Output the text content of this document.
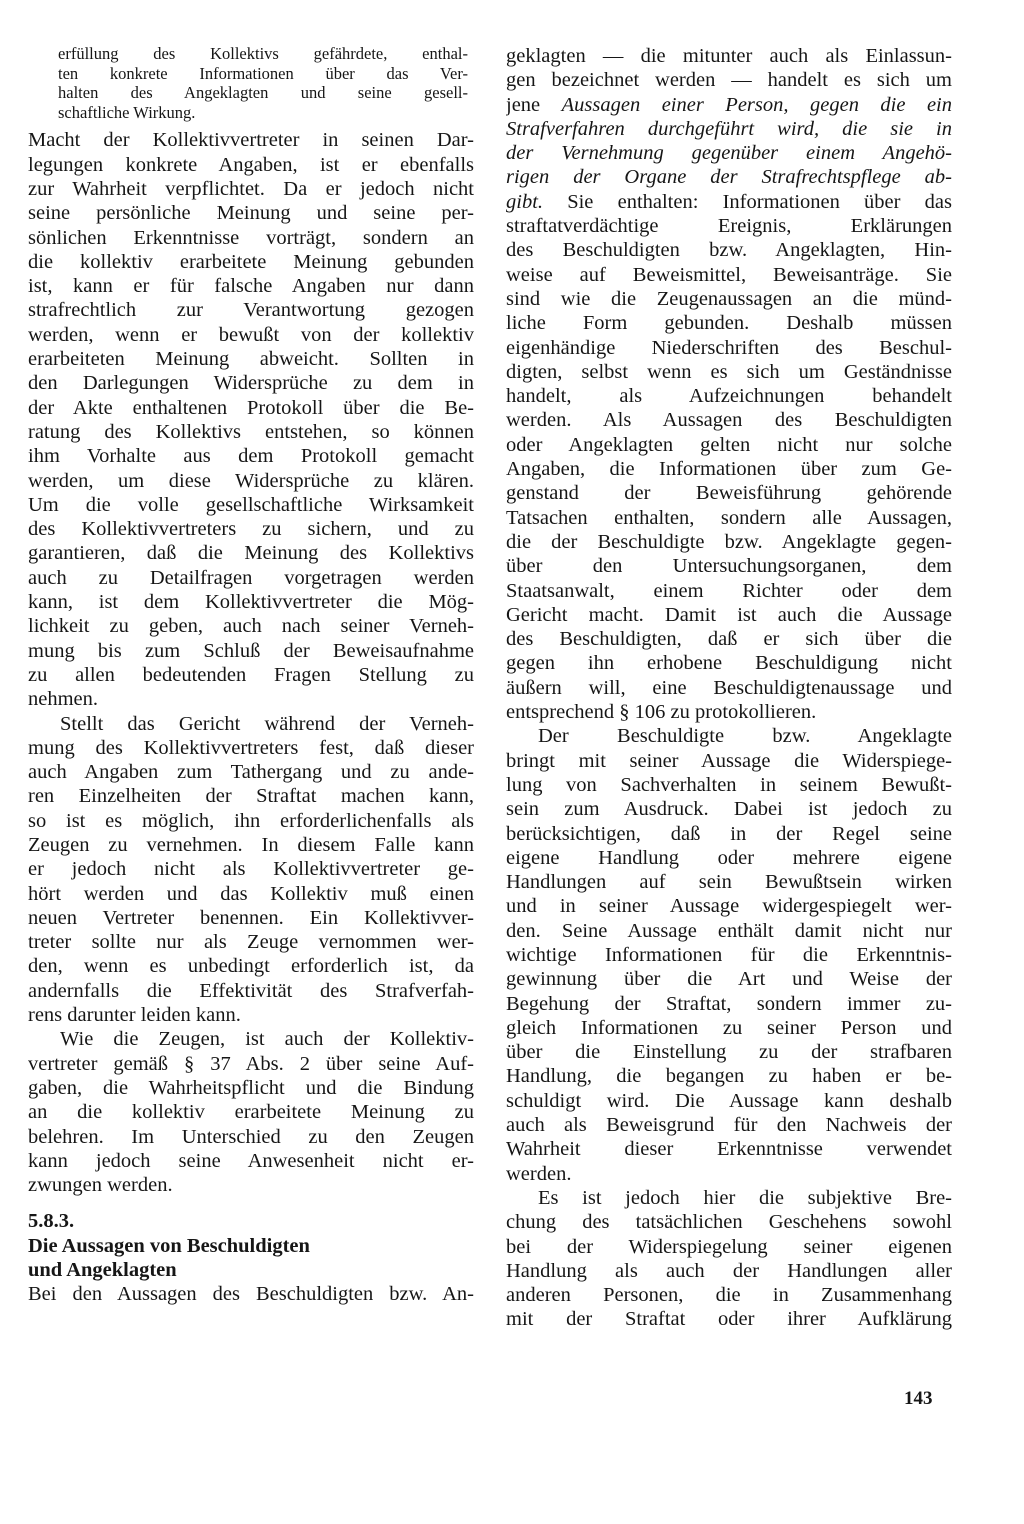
erfüllung des Kollektivs gefährdete, enthal-
ten konkrete Informationen über das Ver-
halten des Angeklagten und seine gesell-
schaftliche Wirkung.
Macht der Kollektivvertreter in seinen Dar-
legungen konkrete Angaben, ist er ebenfalls
zur Wahrheit verpflichtet. Da er jedoch nicht
seine persönliche Meinung und seine per-
sönlichen Erkenntnisse vorträgt, sondern an
die kollektiv erarbeitete Meinung gebunden
ist, kann er für falsche Angaben nur dann
strafrechtlich zur Verantwortung gezogen
werden, wenn er bewußt von der kollektiv
erarbeiteten Meinung abweicht. Sollten in
den Darlegungen Widersprüche zu dem in
der Akte enthaltenen Protokoll über die Be-
ratung des Kollektivs entstehen, so können
ihm Vorhalte aus dem Protokoll gemacht
werden, um diese Widersprüche zu klären.
Um die volle gesellschaftliche Wirksamkeit
des Kollektivvertreters zu sichern, und zu
garantieren, daß die Meinung des Kollektivs
auch zu Detailfragen vorgetragen werden
kann, ist dem Kollektivvertreter die Mög-
lichkeit zu geben, auch nach seiner Verneh-
mung bis zum Schluß der Beweisaufnahme
zu allen bedeutenden Fragen Stellung zu
nehmen.
Stellt das Gericht während der Verneh-
mung des Kollektivvertreters fest, daß dieser
auch Angaben zum Tathergang und zu ande-
ren Einzelheiten der Straftat machen kann,
so ist es möglich, ihn erforderlichenfalls als
Zeugen zu vernehmen. In diesem Falle kann
er jedoch nicht als Kollektivvertreter ge-
hört werden und das Kollektiv muß einen
neuen Vertreter benennen. Ein Kollektivver-
treter sollte nur als Zeuge vernommen wer-
den, wenn es unbedingt erforderlich ist, da
andernfalls die Effektivität des Strafverfah-
rens darunter leiden kann.
Wie die Zeugen, ist auch der Kollektiv-
vertreter gemäß § 37 Abs. 2 über seine Auf-
gaben, die Wahrheitspflicht und die Bindung
an die kollektiv erarbeitete Meinung zu
belehren. Im Unterschied zu den Zeugen
kann jedoch seine Anwesenheit nicht er-
zwungen werden.
5.8.3.
Die Aussagen von Beschuldigten
und Angeklagten
Bei den Aussagen des Beschuldigten bzw. An-
geklagten — die mitunter auch als Einlassun-
gen bezeichnet werden — handelt es sich um
jene Aussagen einer Person, gegen die ein
Strafverfahren durchgeführt wird, die sie in
der Vernehmung gegenüber einem Angehö-
rigen der Organe der Strafrechtspflege ab-
gibt. Sie enthalten: Informationen über das
straftatverdächtige Ereignis, Erklärungen
des Beschuldigten bzw. Angeklagten, Hin-
weise auf Beweismittel, Beweisanträge. Sie
sind wie die Zeugenaussagen an die münd-
liche Form gebunden. Deshalb müssen
eigenhändige Niederschriften des Beschul-
digten, selbst wenn es sich um Geständnisse
handelt, als Aufzeichnungen behandelt
werden. Als Aussagen des Beschuldigten
oder Angeklagten gelten nicht nur solche
Angaben, die Informationen über zum Ge-
genstand der Beweisführung gehörende
Tatsachen enthalten, sondern alle Aussagen,
die der Beschuldigte bzw. Angeklagte gegen-
über den Untersuchungsorganen, dem
Staatsanwalt, einem Richter oder dem
Gericht macht. Damit ist auch die Aussage
des Beschuldigten, daß er sich über die
gegen ihn erhobene Beschuldigung nicht
äußern will, eine Beschuldigtenaussage und
entsprechend § 106 zu protokollieren.
Der Beschuldigte bzw. Angeklagte
bringt mit seiner Aussage die Widerspiege-
lung von Sachverhalten in seinem Bewußt-
sein zum Ausdruck. Dabei ist jedoch zu
berücksichtigen, daß in der Regel seine
eigene Handlung oder mehrere eigene
Handlungen auf sein Bewußtsein wirken
und in seiner Aussage widergespiegelt wer-
den. Seine Aussage enthält damit nicht nur
wichtige Informationen für die Erkenntnis-
gewinnung über die Art und Weise der
Begehung der Straftat, sondern immer zu-
gleich Informationen zu seiner Person und
über die Einstellung zu der strafbaren
Handlung, die begangen zu haben er be-
schuldigt wird. Die Aussage kann deshalb
auch als Beweisgrund für den Nachweis der
Wahrheit dieser Erkenntnisse verwendet
werden.
Es ist jedoch hier die subjektive Bre-
chung des tatsächlichen Geschehens sowohl
bei der Widerspiegelung seiner eigenen
Handlung als auch der Handlungen aller
anderen Personen, die in Zusammenhang
mit der Straftat oder ihrer Aufklärung
143
